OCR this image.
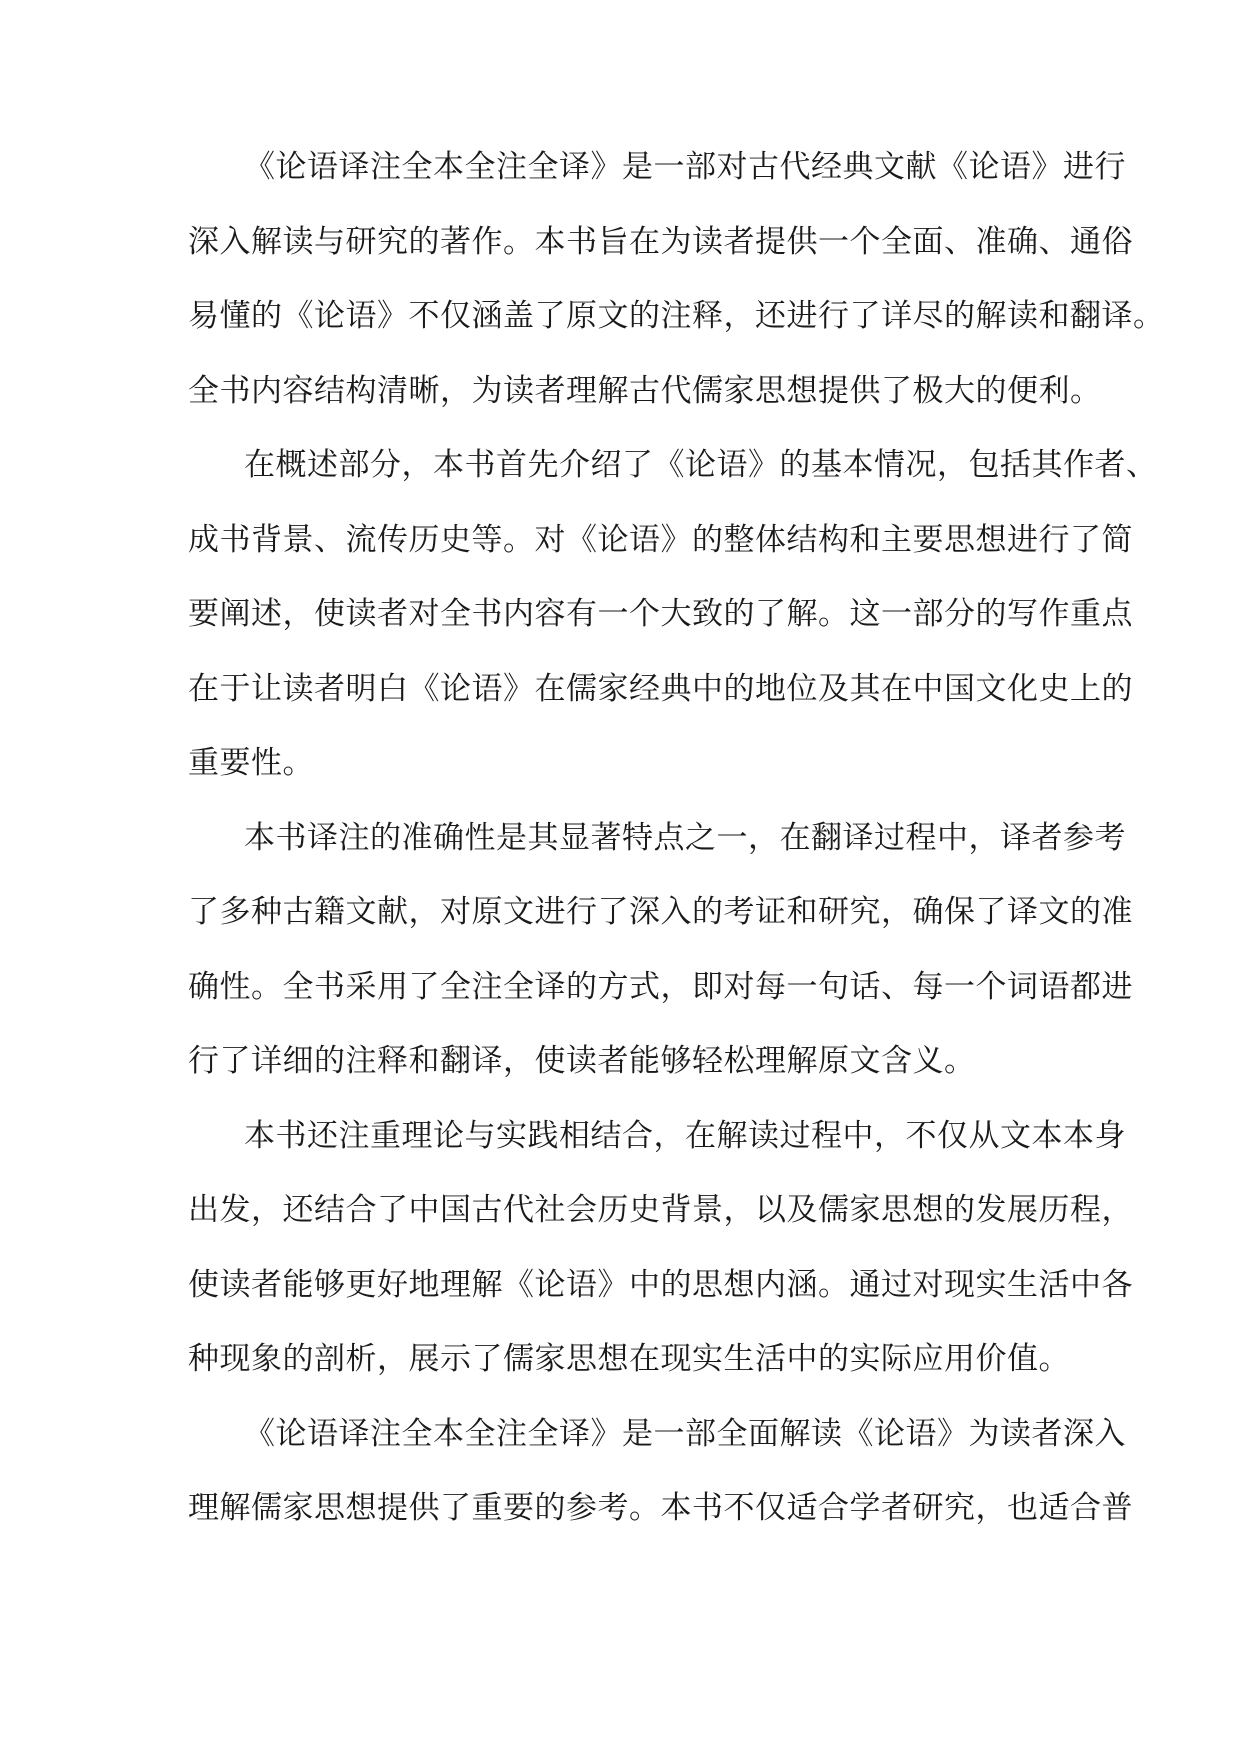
《论语译注全本全注全译》是一部对古代经典文献《论语》进行
深入解读与研究的著作。本书旨在为读者提供一个全面、准确、通俗
易懂的《论语》不仅涵盖了原文的注释，还进行了详尽的解读和翻译。
全书内容结构清晰，为读者理解古代儒家思想提供了极大的便利。
在概述部分，本书首先介绍了《论语》的基本情况，包括其作者、
成书背景、流传历史等。对《论语》的整体结构和主要思想进行了简
要阐述，使读者对全书内容有一个大致的了解。这一部分的写作重点
在于让读者明白《论语》在儒家经典中的地位及其在中国文化史上的
重要性。
本书译注的准确性是其显著特点之一，在翻译过程中，译者参考
了多种古籍文献，对原文进行了深入的考证和研究，确保了译文的准
确性。全书采用了全注全译的方式，即对每一句话、每一个词语都进
行了详细的注释和翻译，使读者能够轻松理解原文含义。
本书还注重理论与实践相结合，在解读过程中，不仅从文本本身
出发，还结合了中国古代社会历史背景，以及儒家思想的发展历程，
使读者能够更好地理解《论语》中的思想内涵。通过对现实生活中各
种现象的剖析，展示了儒家思想在现实生活中的实际应用价值。
《论语译注全本全注全译》是一部全面解读《论语》为读者深入
理解儒家思想提供了重要的参考。本书不仅适合学者研究，也适合普
